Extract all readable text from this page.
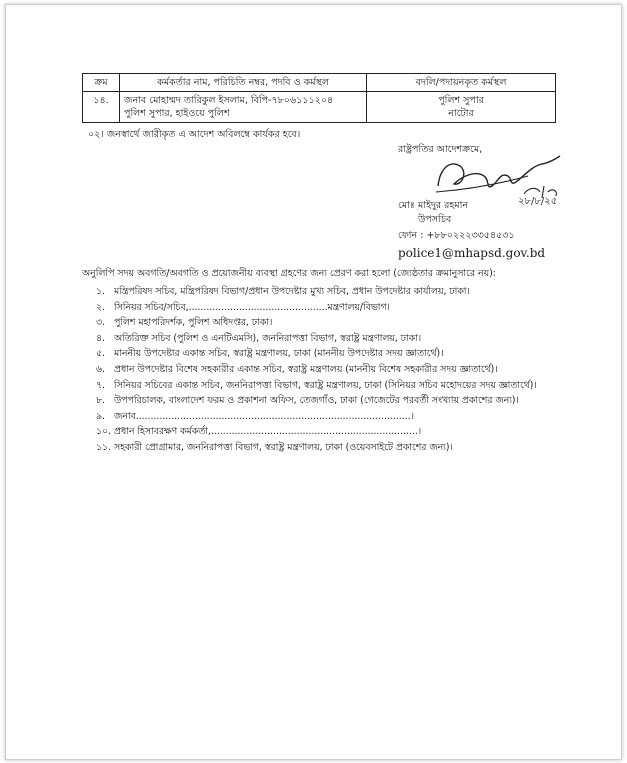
ক্রম	কর্মকর্তার নাম, পরিচিতি নম্বর, পদবি ও কর্মস্থল	বদলি/পদায়নকৃত কর্মস্থল
১৪.	জনাব মোহাম্মদ তারিকুল ইসলাম, বিপি-৭৮০৬১১১২০৪
পুলিশ সুপার, হাইওয়ে পুলিশ	পুলিশ সুপার
নাটোর
০২। জনস্বার্থে জারীকৃত এ আদেশ অবিলম্বে কার্যকর হবে।
রাষ্ট্রপতির আদেশক্রমে,
২৮/৮/২৫
মোঃ মাইদুর রহমান
উপসচিব
ফোন : +৮৮০২২২৩৩৫৪৫৩১
police1@mhapsd.gov.bd
অনুলিপি সদয় অবগতি/অবগতি ও প্রয়োজনীয় ব্যবস্থা গ্রহণের জন্য প্রেরণ করা হলো (জ্যেষ্ঠতার ক্রমানুসারে নয়):
১. মন্ত্রিপরিষদ সচিব, মন্ত্রিপরিষদ বিভাগ/প্রধান উপদেষ্টার মুখ্য সচিব, প্রধান উপদেষ্টার কার্যালয়, ঢাকা।
২. সিনিয়র সচিব/সচিব,...............................................মন্ত্রণালয়/বিভাগ।
৩. পুলিশ মহাপরিদর্শক, পুলিশ অধিদপ্তর, ঢাকা।
৪. অতিরিক্ত সচিব (পুলিশ ও এনটিএমসি), জননিরাপত্তা বিভাগ, স্বরাষ্ট্র মন্ত্রণালয়, ঢাকা।
৫. মাননীয় উপদেষ্টার একান্ত সচিব, স্বরাষ্ট্র মন্ত্রণালয়, ঢাকা (মাননীয় উপদেষ্টার সদয় জ্ঞাতার্থে)।
৬. প্রধান উপদেষ্টার বিশেষ সহকারীর একান্ত সচিব, স্বরাষ্ট্র মন্ত্রণালয় (মাননীয় বিশেষ সহকারীর সদয় জ্ঞাতার্থে)।
৭. সিনিয়র সচিবের একান্ত সচিব, জননিরাপত্তা বিভাগ, স্বরাষ্ট্র মন্ত্রণালয়, ঢাকা (সিনিয়র সচিব মহোদয়ের সদয় জ্ঞাতার্থে)।
৮. উপপরিচালক, বাংলাদেশ ফরম ও প্রকাশনা অফিস, তেজগাঁও, ঢাকা (গেজেটের পরবর্তী সংখ্যায় প্রকাশের জন্য)।
৯. জনাব.............................................................................................।
১০. প্রধান হিসাবরক্ষণ কর্মকর্তা,......................................................................।
১১. সহকারী প্রোগ্রামার, জননিরাপত্তা বিভাগ, স্বরাষ্ট্র মন্ত্রণালয়, ঢাকা (ওয়েবসাইটে প্রকাশের জন্য)।
